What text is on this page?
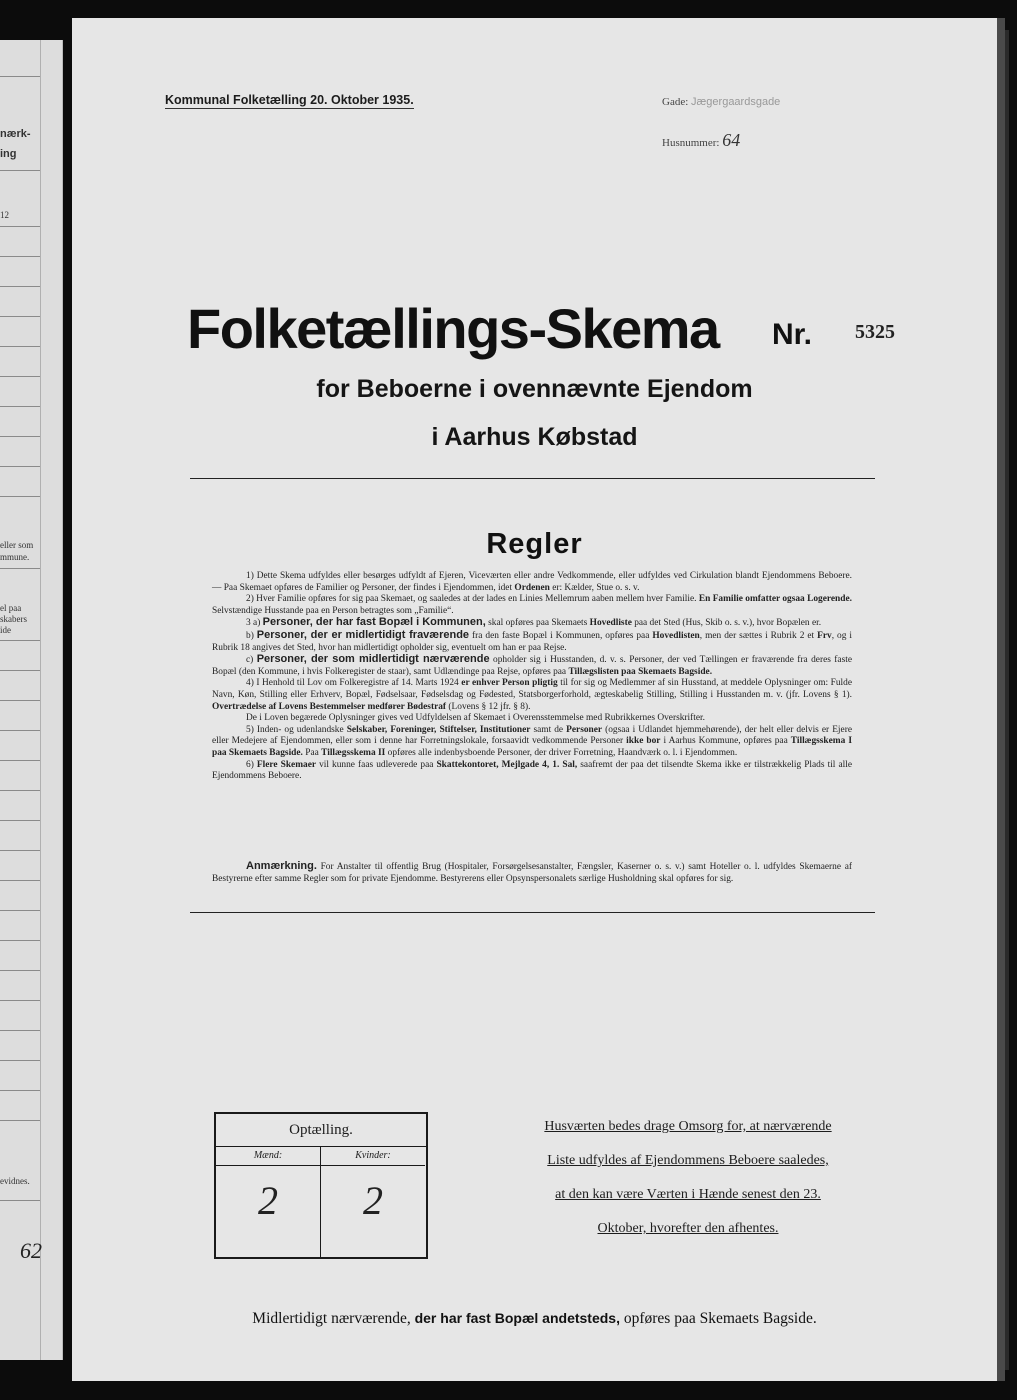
nærk-
ing
12
eller som
mmune.
el paa
skabers
ide
evidnes.
62
Kommunal Folketælling 20. Oktober 1935.	Gade: Jægergaardsgade
Husnummer: 64
Folketællings-Skema Nr. 5325
for Beboerne i ovennævnte Ejendom
i Aarhus Købstad
Regler

1) Dette Skema udfyldes eller besørges udfyldt af Ejeren, Viceværten eller andre Vedkommende, eller udfyldes ved Cirkulation blandt Ejendommens Beboere. — Paa Skemaet opføres de Familier og Personer, der findes i Ejendommen, idet Ordenen er: Kælder, Stue o. s. v.

2) Hver Familie opføres for sig paa Skemaet, og saaledes at der lades en Linies Mellemrum aaben mellem hver Familie. En Familie omfatter ogsaa Logerende. Selvstændige Husstande paa en Person betragtes som „Familie“.

3 a) Personer, der har fast Bopæl i Kommunen, skal opføres paa Skemaets Hovedliste paa det Sted (Hus, Skib o. s. v.), hvor Bopælen er.

b) Personer, der er midlertidigt fraværende fra den faste Bopæl i Kommunen, opføres paa Hovedlisten, men der sættes i Rubrik 2 et Frv, og i Rubrik 18 angives det Sted, hvor han midlertidigt opholder sig, eventuelt om han er paa Rejse.

c) Personer, der som midlertidigt nærværende opholder sig i Husstanden, d. v. s. Personer, der ved Tællingen er fraværende fra deres faste Bopæl (den Kommune, i hvis Folkeregister de staar), samt Udlændinge paa Rejse, opføres paa Tillægslisten paa Skemaets Bagside.

4) I Henhold til Lov om Folkeregistre af 14. Marts 1924 er enhver Person pligtig til for sig og Medlemmer af sin Husstand, at meddele Oplysninger om: Fulde Navn, Køn, Stilling eller Erhverv, Bopæl, Fødselsaar, Fødselsdag og Fødested, Statsborgerforhold, ægteskabelig Stilling, Stilling i Husstanden m. v. (jfr. Lovens § 1). Overtrædelse af Lovens Bestemmelser medfører Bødestraf (Lovens § 12 jfr. § 8).

De i Loven begærede Oplysninger gives ved Udfyldelsen af Skemaet i Overensstemmelse med Rubrikkernes Overskrifter.

5) Inden- og udenlandske Selskaber, Foreninger, Stiftelser, Institutioner samt de Personer (ogsaa i Udlandet hjemmehørende), der helt eller delvis er Ejere eller Medejere af Ejendommen, eller som i denne har Forretningslokale, forsaavidt vedkommende Personer ikke bor i Aarhus Kommune, opføres paa Tillægsskema I paa Skemaets Bagside. Paa Tillægsskema II opføres alle indenbysboende Personer, der driver Forretning, Haandværk o. l. i Ejendommen.

6) Flere Skemaer vil kunne faas udleverede paa Skattekontoret, Mejlgade 4, 1. Sal, saafremt der paa det tilsendte Skema ikke er tilstrækkelig Plads til alle Ejendommens Beboere.

Anmærkning. For Anstalter til offentlig Brug (Hospitaler, Forsørgelsesanstalter, Fængsler, Kaserner o. s. v.) samt Hoteller o. l. udfyldes Skemaerne af Bestyrerne efter samme Regler som for private Ejendomme. Bestyrerens eller Opsynspersonalets særlige Husholdning skal opføres for sig.
Optælling.
Mænd:
2
Kvinder:
2
Husværten bedes drage Omsorg for, at nærværende
Liste udfyldes af Ejendommens Beboere saaledes,
at den kan være Værten i Hænde senest den 23.
Oktober, hvorefter den afhentes.
Midlertidigt nærværende, der har fast Bopæl andetsteds, opføres paa Skemaets Bagside.
